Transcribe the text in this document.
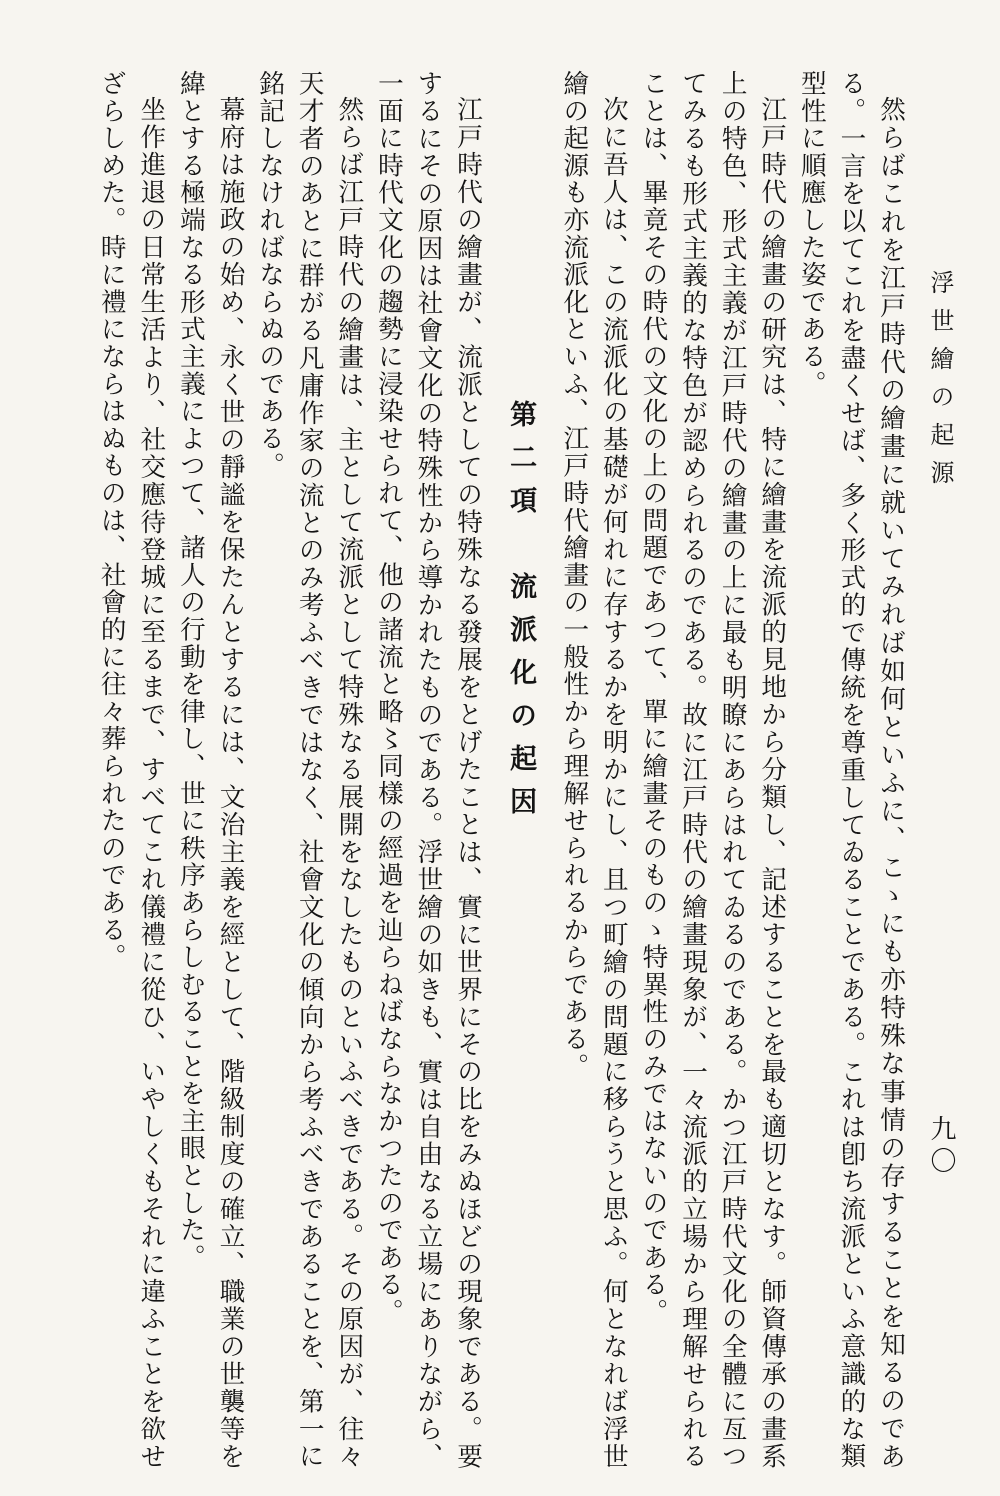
浮世繪の起源
九〇

然らばこれを江戸時代の繪畫に就いてみれば如何といふに、こゝにも亦特殊な事情の存することを知るのである。一言を以てこれを盡くせば、多く形式的で傳統を尊重してゐることである。これは卽ち流派といふ意識的な類型性に順應した姿である。

江戸時代の繪畫の研究は、特に繪畫を流派的見地から分類し、記述することを最も適切となす。師資傳承の畫系上の特色、形式主義が江戸時代の繪畫の上に最も明瞭にあらはれてゐるのである。かつ江戸時代文化の全體に亙つてみるも形式主義的な特色が認められるのである。故に江戸時代の繪畫現象が、一々流派的立場から理解せられることは、畢竟その時代の文化の上の問題であつて、單に繪畫そのものゝ特異性のみではないのである。

次に吾人は、この流派化の基礎が何れに存するかを明かにし、且つ町繪の問題に移らうと思ふ。何となれば浮世繪の起源も亦流派化といふ、江戸時代繪畫の一般性から理解せられるからである。

第二項　流派化の起因

江戸時代の繪畫が、流派としての特殊なる發展をとげたことは、實に世界にその比をみぬほどの現象である。要するにその原因は社會文化の特殊性から導かれたものである。浮世繪の如きも、實は自由なる立場にありながら、一面に時代文化の趨勢に浸染せられて、他の諸流と略〻同樣の經過を辿らねばならなかつたのである。

然らば江戸時代の繪畫は、主として流派として特殊なる展開をなしたものといふべきである。その原因が、往々天才者のあとに群がる凡庸作家の流とのみ考ふべきではなく、社會文化の傾向から考ふべきであることを、第一に銘記しなければならぬのである。

幕府は施政の始め、永く世の靜謐を保たんとするには、文治主義を經として、階級制度の確立、職業の世襲等を緯とする極端なる形式主義によつて、諸人の行動を律し、世に秩序あらしむることを主眼とした。

坐作進退の日常生活より、社交應待登城に至るまで、すべてこれ儀禮に從ひ、いやしくもそれに違ふことを欲せざらしめた。時に禮にならはぬものは、社會的に往々葬られたのである。
